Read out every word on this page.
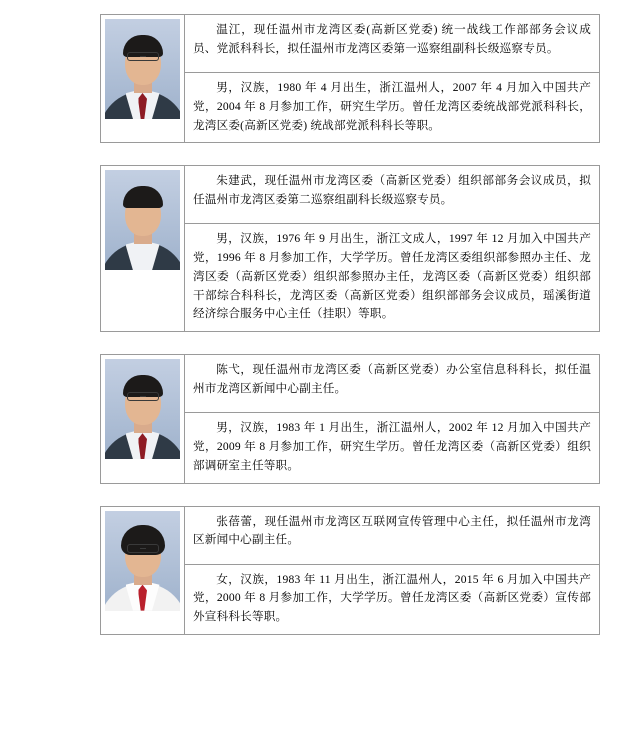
温江，现任温州市龙湾区委(高新区党委) 统一战线工作部部务会议成员、党派科科长，拟任温州市龙湾区委第一巡察组副科长级巡察专员。
男，汉族，1980 年 4 月出生，浙江温州人，2007 年 4 月加入中国共产党，2004 年 8 月参加工作，研究生学历。曾任龙湾区委统战部党派科科长，龙湾区委(高新区党委) 统战部党派科科长等职。
朱建武，现任温州市龙湾区委（高新区党委）组织部部务会议成员，拟任温州市龙湾区委第二巡察组副科长级巡察专员。
男，汉族，1976 年 9 月出生，浙江文成人，1997 年 12 月加入中国共产党，1996 年 8 月参加工作，大学学历。曾任龙湾区委组织部参照办主任、龙湾区委（高新区党委）组织部参照办主任，龙湾区委（高新区党委）组织部干部综合科科长，龙湾区委（高新区党委）组织部部务会议成员，瑶溪街道经济综合服务中心主任（挂职）等职。
陈弋，现任温州市龙湾区委（高新区党委）办公室信息科科长，拟任温州市龙湾区新闻中心副主任。
男，汉族，1983 年 1 月出生，浙江温州人，2002 年 12 月加入中国共产党，2009 年 8 月参加工作，研究生学历。曾任龙湾区委（高新区党委）组织部调研室主任等职。
张蓓蕾，现任温州市龙湾区互联网宣传管理中心主任，拟任温州市龙湾区新闻中心副主任。
女，汉族，1983 年 11 月出生，浙江温州人，2015 年 6 月加入中国共产党，2000 年 8 月参加工作，大学学历。曾任龙湾区委（高新区党委）宣传部外宣科科长等职。
